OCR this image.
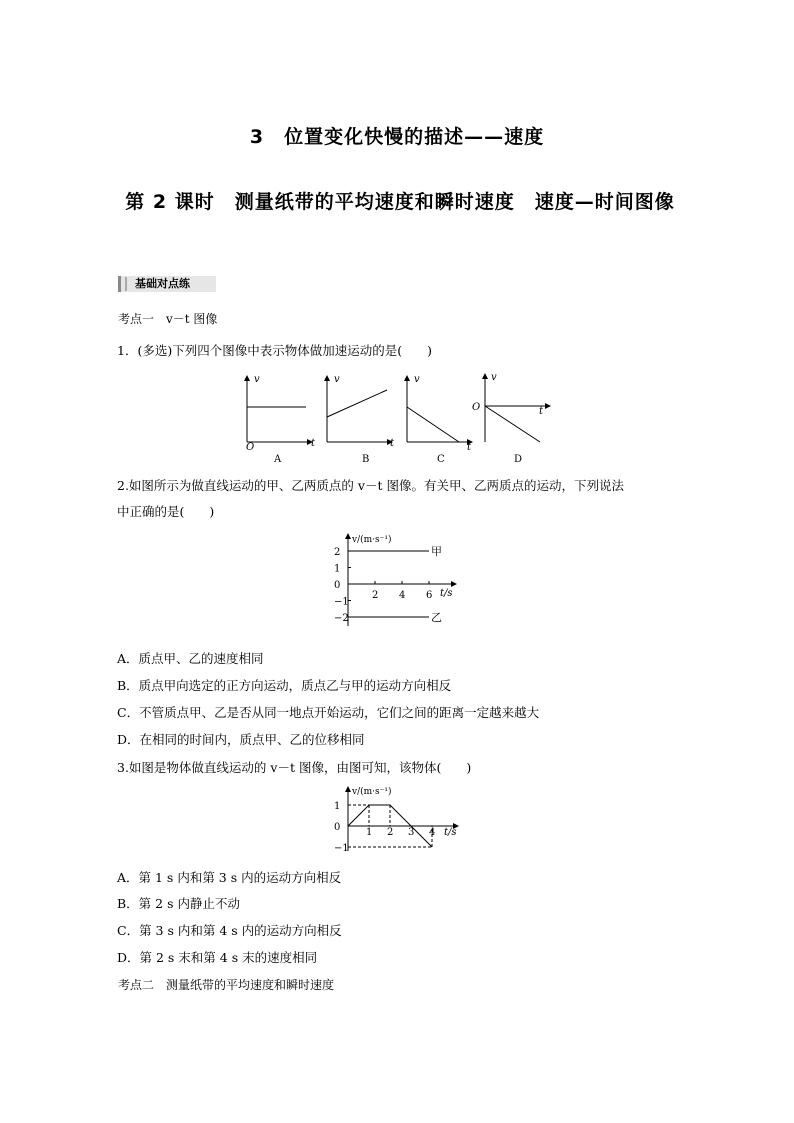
3　位置变化快慢的描述——速度
第 2 课时　测量纸带的平均速度和瞬时速度　速度—时间图像
基础对点练
考点一　v－t 图像
1．(多选)下列四个图像中表示物体做加速运动的是(　　)
v
t
O
A
v
t
B
v
t
C
v
t
O
D
2.如图所示为做直线运动的甲、乙两质点的 v－t 图像。有关甲、乙两质点的运动，下列说法
中正确的是(　　)
v/(m·s⁻¹)
t/s
2
1
0
−1
−2
2 4 6
甲
乙
A．质点甲、乙的速度相同
B．质点甲向选定的正方向运动，质点乙与甲的运动方向相反
C．不管质点甲、乙是否从同一地点开始运动，它们之间的距离一定越来越大
D．在相同的时间内，质点甲、乙的位移相同
3.如图是物体做直线运动的 v－t 图像，由图可知，该物体(　　)
v/(m·s⁻¹)
t/s
1
0
−1
1 2 3 4
A．第 1 s 内和第 3 s 内的运动方向相反
B．第 2 s 内静止不动
C．第 3 s 内和第 4 s 内的运动方向相反
D．第 2 s 末和第 4 s 末的速度相同
考点二　测量纸带的平均速度和瞬时速度
